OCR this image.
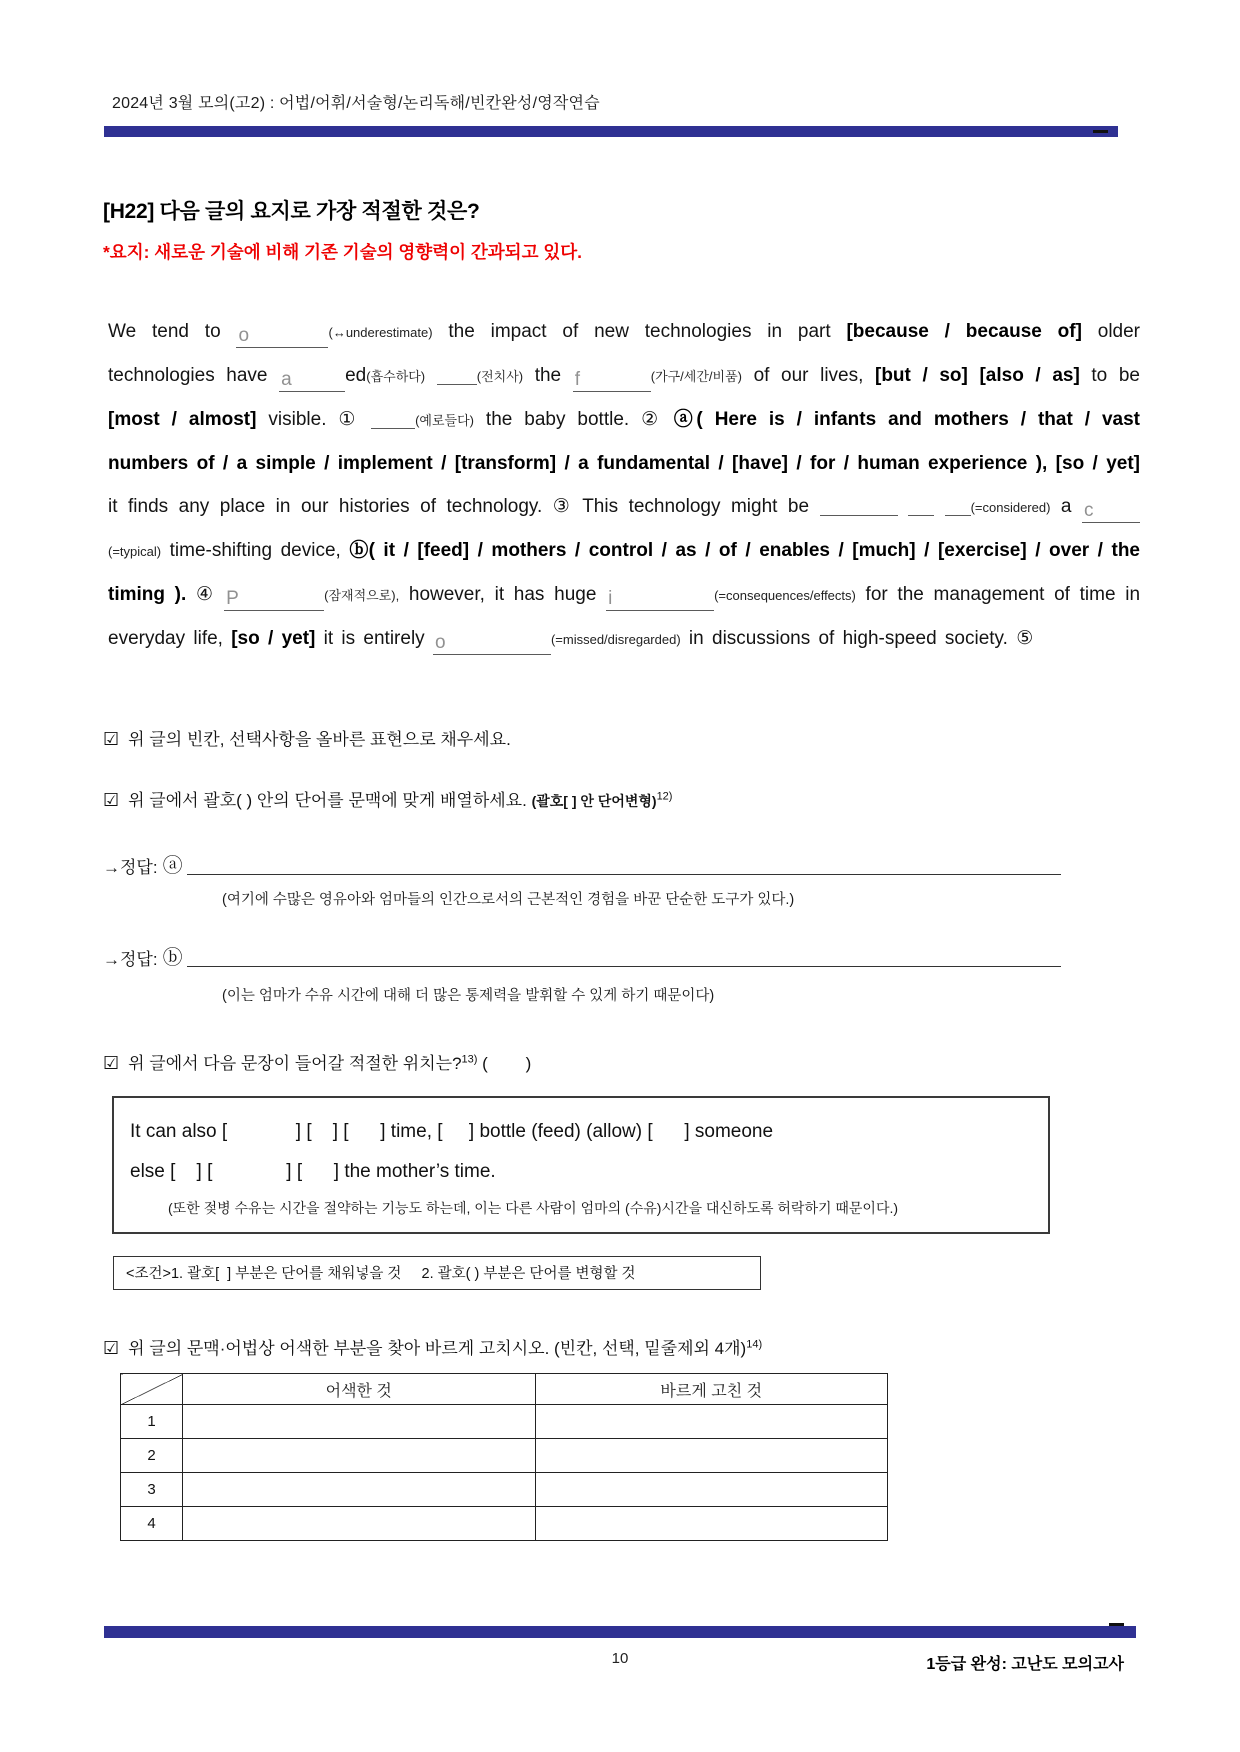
2024년 3월 모의(고2) : 어법/어휘/서술형/논리독해/빈칸완성/영작연습
[H22] 다음 글의 요지로 가장 적절한 것은?
*요지: 새로운 기술에 비해 기존 기술의 영향력이 간과되고 있다.

We tend to o	(↔underestimate) the impact of new technologies in part [because / because of] older technologies have a	ed(흡수하다)	(전치사) the f	(가구/세간/비품) of our lives, [but / so] [also / as] to be [most / almost] visible. ①	(예로들다) the baby bottle. ② ⓐ( Here is / infants and mothers / that / vast numbers of / a simple / implement / [transform] / a fundamental / [have] / for / human experience ), [so / yet] it finds any place in our histories of technology. ③ This technology might be	(=considered) a c(=typical) time-shifting device, ⓑ( it / [feed] / mothers / control / as / of / enables / [much] / [exercise] / over / the timing ). ④ P	(잠재적으로), however, it has huge i	(=consequences/effects) for the management of time in everyday life, [so / yet] it is entirely o	(=missed/disregarded) in discussions of high-speed society. ⑤

☑ 위 글의 빈칸, 선택사항을 올바른 표현으로 채우세요.
☑ 위 글에서 괄호( ) 안의 단어를 문맥에 맞게 배열하세요. (괄호[ ] 안 단어변형)$^{12)}$
→정답: ⓐ
(여기에 수많은 영유아와 엄마들의 인간으로서의 근본적인 경험을 바꾼 단순한 도구가 있다.)
→정답: ⓑ
(이는 엄마가 수유 시간에 대해 더 많은 통제력을 발휘할 수 있게 하기 때문이다)
☑ 위 글에서 다음 문장이 들어갈 적절한 위치는?$^{13)}$ (        )
It can also [             ] [    ] [      ] time, [     ] bottle (feed) (allow) [      ] someone
else [    ] [              ] [      ] the mother’s time.
(또한 젖병 수유는 시간을 절약하는 기능도 하는데, 이는 다른 사람이 엄마의 (수유)시간을 대신하도록 허락하기 때문이다.)
<조건>1. 괄호[  ] 부분은 단어를 채워넣을 것     2. 괄호( ) 부분은 단어를 변형할 것
☑ 위 글의 문맥·어법상 어색한 부분을 찾아 바르게 고치시오. (빈칸, 선택, 밑줄제외 4개)$^{14)}$
	어색한 것	바르게 고친 것
1		
2		
3		
4		
10	1등급 완성: 고난도 모의고사
